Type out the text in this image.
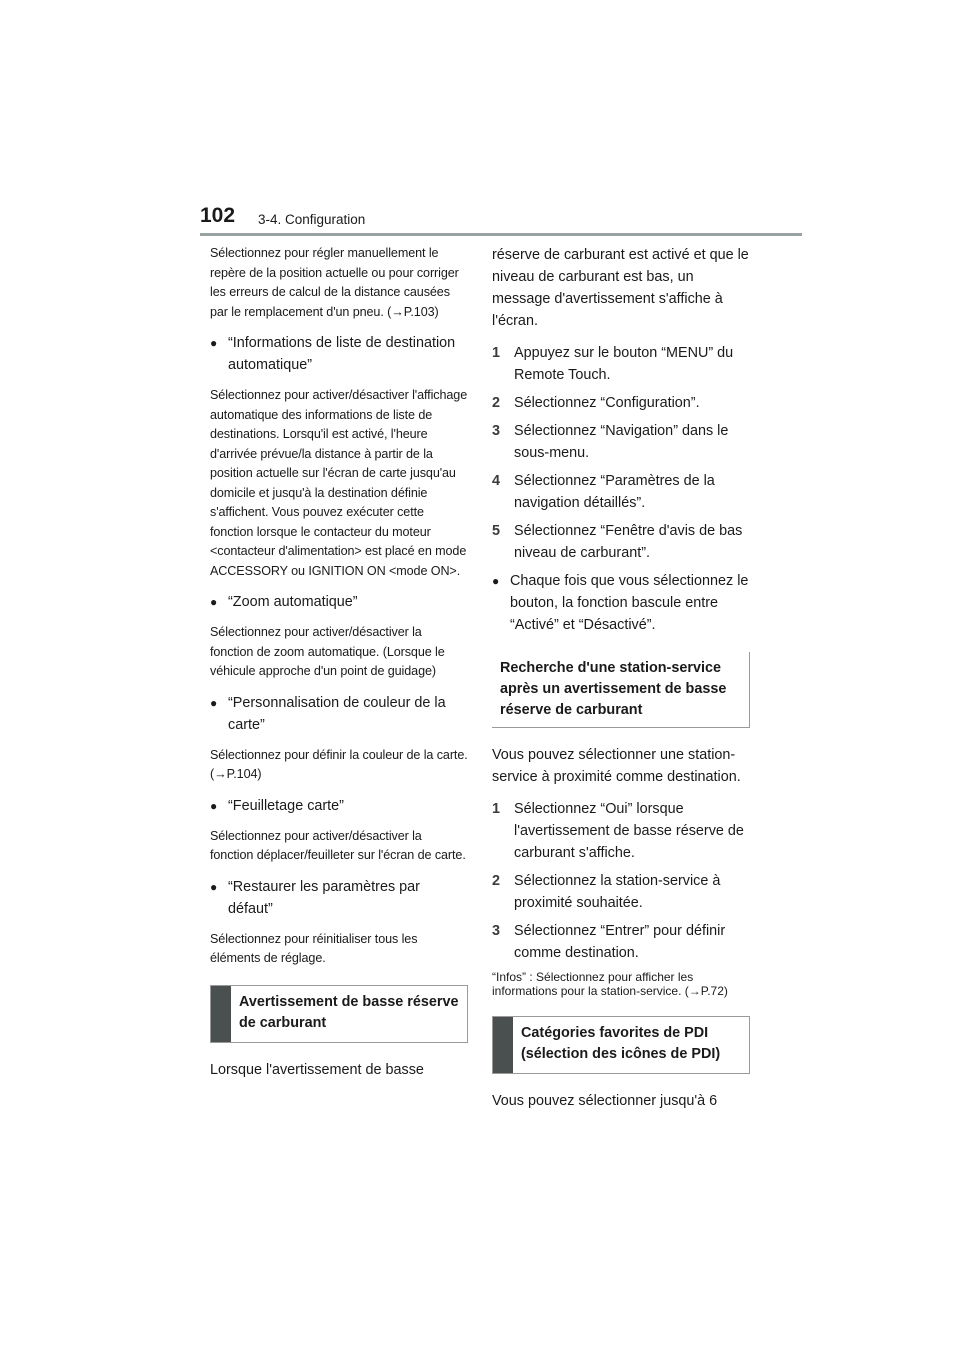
102 3-4. Configuration

Sélectionnez pour régler manuellement le repère de la position actuelle ou pour corriger les erreurs de calcul de la distance causées par le remplacement d'un pneu. (→P.103)

● “Informations de liste de destination automatique”

Sélectionnez pour activer/désactiver l'affichage automatique des informations de liste de destinations. Lorsqu'il est activé, l'heure d'arrivée prévue/la distance à partir de la position actuelle sur l'écran de carte jusqu'au domicile et jusqu'à la destination définie s'affichent. Vous pouvez exécuter cette fonction lorsque le contacteur du moteur <contacteur d'alimentation> est placé en mode ACCESSORY ou IGNITION ON <mode ON>.

● “Zoom automatique”

Sélectionnez pour activer/désactiver la fonction de zoom automatique. (Lorsque le véhicule approche d'un point de guidage)

● “Personnalisation de couleur de la carte”

Sélectionnez pour définir la couleur de la carte. (→P.104)

● “Feuilletage carte”

Sélectionnez pour activer/désactiver la fonction déplacer/feuilleter sur l'écran de carte.

● “Restaurer les paramètres par défaut”

Sélectionnez pour réinitialiser tous les éléments de réglage.

Avertissement de basse réserve de carburant

Lorsque l'avertissement de basse

réserve de carburant est activé et que le niveau de carburant est bas, un message d'avertissement s'affiche à l'écran.

1 Appuyez sur le bouton “MENU” du Remote Touch.
2 Sélectionnez “Configuration”.
3 Sélectionnez “Navigation” dans le sous-menu.
4 Sélectionnez “Paramètres de la navigation détaillés”.
5 Sélectionnez “Fenêtre d'avis de bas niveau de carburant”.
● Chaque fois que vous sélectionnez le bouton, la fonction bascule entre “Activé” et “Désactivé”.
Recherche d'une station-service après un avertissement de basse réserve de carburant

Vous pouvez sélectionner une station-service à proximité comme destination.

1 Sélectionnez “Oui” lorsque l'avertissement de basse réserve de carburant s'affiche.
2 Sélectionnez la station-service à proximité souhaitée.
3 Sélectionnez “Entrer” pour définir comme destination.

“Infos” : Sélectionnez pour afficher les informations pour la station-service. (→P.72)

Catégories favorites de PDI (sélection des icônes de PDI)

Vous pouvez sélectionner jusqu'à 6
